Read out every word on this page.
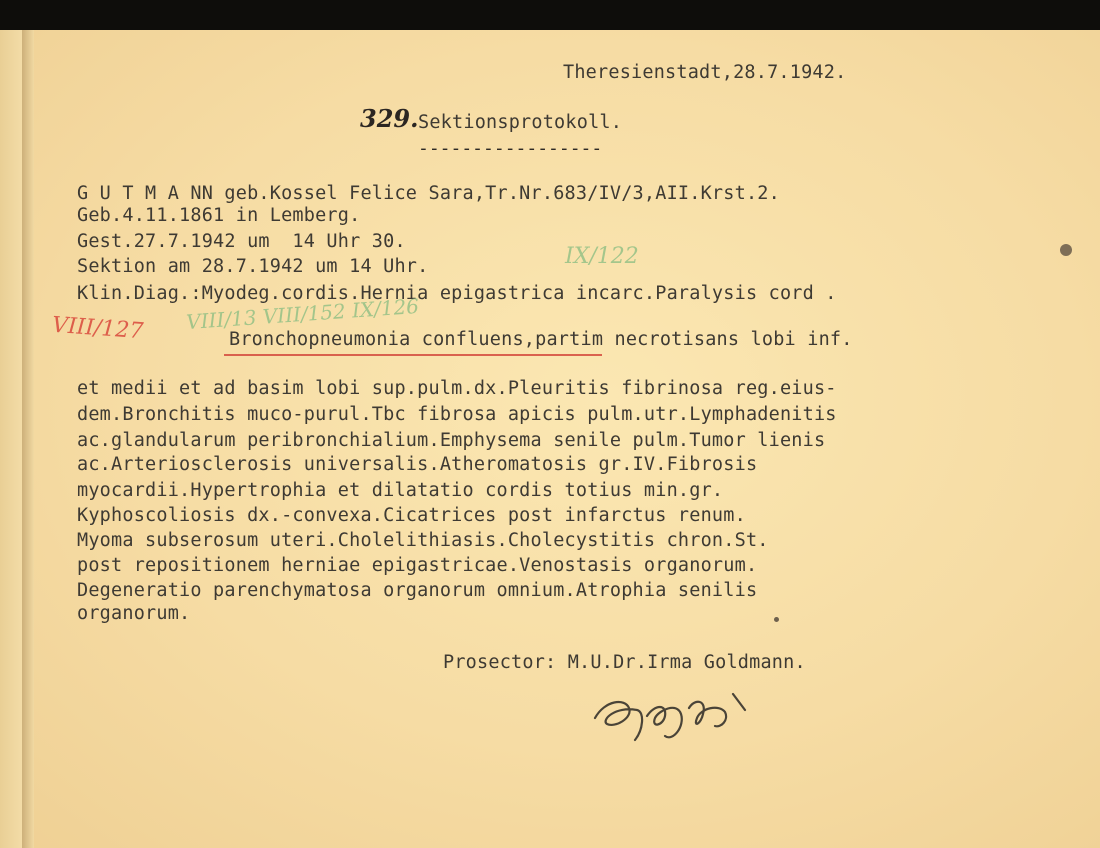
Theresienstadt,28.7.1942.
329. Sektionsprotokoll.
-----------------
G U T M A NN geb.Kossel Felice Sara,Tr.Nr.683/IV/3,AII.Krst.2.
Geb.4.11.1861 in Lemberg.
Gest.27.7.1942 um  14 Uhr 30.
Sektion am 28.7.1942 um 14 Uhr.
Klin.Diag.:Myodeg.cordis.Hernia epigastrica incarc.Paralysis cord .
VIII/127 VIII/13 VIII/152 IX/126
IX/122
Bronchopneumonia confluens,partim necrotisans lobi inf.
et medii et ad basim lobi sup.pulm.dx.Pleuritis fibrinosa reg.eius-
dem.Bronchitis muco-purul.Tbc fibrosa apicis pulm.utr.Lymphadenitis
ac.glandularum peribronchialium.Emphysema senile pulm.Tumor lienis
ac.Arteriosclerosis universalis.Atheromatosis gr.IV.Fibrosis
myocardii.Hypertrophia et dilatatio cordis totius min.gr.
Kyphoscoliosis dx.-convexa.Cicatrices post infarctus renum.
Myoma subserosum uteri.Cholelithiasis.Cholecystitis chron.St.
post repositionem herniae epigastricae.Venostasis organorum.
Degeneratio parenchymatosa organorum omnium.Atrophia senilis
organorum.
Prosector: M.U.Dr.Irma Goldmann.
